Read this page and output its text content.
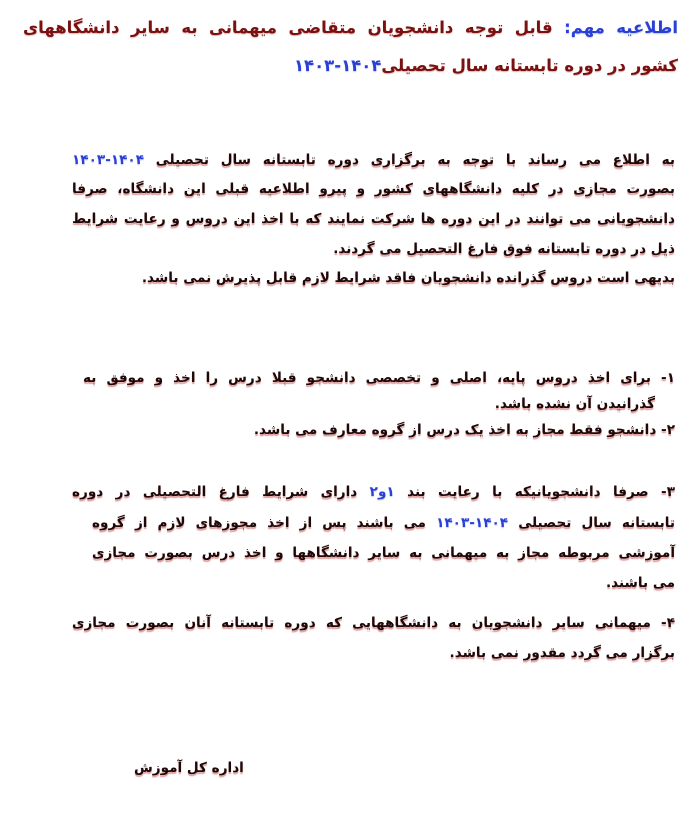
اطلاعیه مهم: قابل توجه دانشجویان متقاضی میهمانی به سایر دانشگاههای
کشور در دوره تابستانه سال تحصیلی۱۴۰۳-۱۴۰۴
به اطلاع می رساند با توجه به برگزاری دوره تابستانه سال تحصیلی ۱۴۰۳-۱۴۰۴
بصورت مجازی در کلیه دانشگاههای کشور و پیرو اطلاعیه قبلی این دانشگاه، صرفا
دانشجویانی می توانند در این دوره ها شرکت نمایند که با اخذ این دروس و رعایت شرایط
ذیل در دوره تابستانه فوق فارغ التحصیل می گردند.
بدیهی است دروس گذرانده دانشجویان فاقد شرایط لازم قابل پذیرش نمی باشد.
۱- برای اخذ دروس پایه، اصلی و تخصصی دانشجو قبلا درس را اخذ و موفق به
گذرانیدن آن نشده باشد.
۲- دانشجو فقط مجاز به اخذ یک درس از گروه معارف می باشد.
۳- صرفا دانشجویانیکه با رعایت بند ۱و۲ دارای شرایط فارغ التحصیلی در دوره
تابستانه سال تحصیلی ۱۴۰۳-۱۴۰۴ می باشند پس از اخذ مجوزهای لازم از گروه
آموزشی مربوطه مجاز به میهمانی به سایر دانشگاهها و اخذ درس بصورت مجازی
می باشند.
۴- میهمانی سایر دانشجویان به دانشگاههایی که دوره تابستانه آنان بصورت مجازی
برگزار می گردد مقدور نمی باشد.
اداره کل آموزش
